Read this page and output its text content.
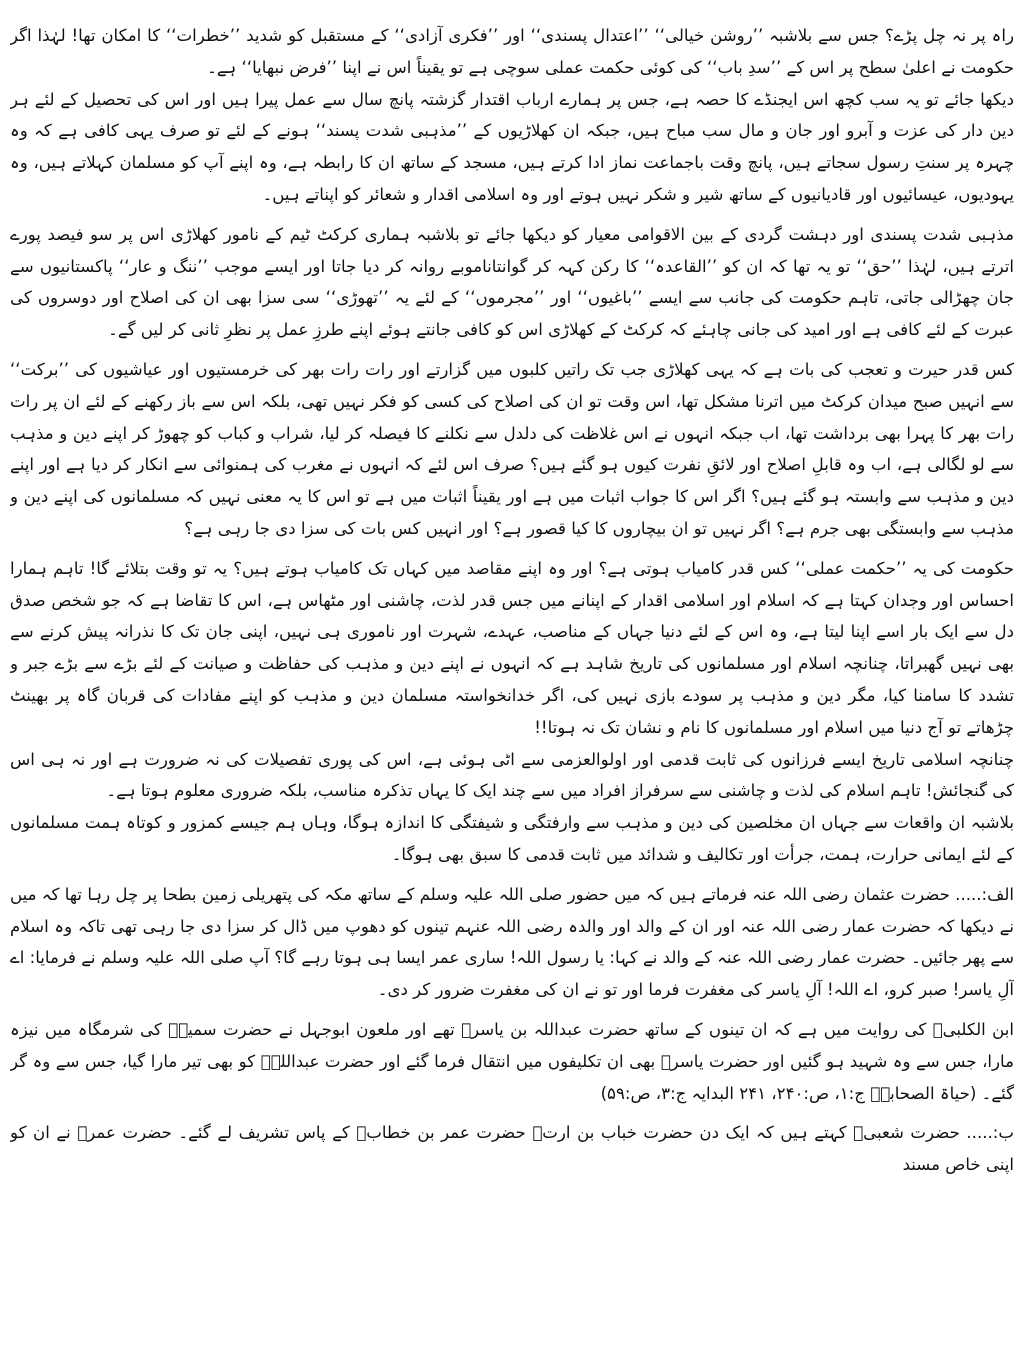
راہ پر نہ چل پڑے؟ جس سے بلاشبہ ’’روشن خیالی‘‘ ’’اعتدال پسندی‘‘ اور ’’فکری آزادی‘‘ کے مستقبل کو شدید ’’خطرات‘‘ کا امکان تھا! لہٰذا اگر حکومت نے اعلیٰ سطح پر اس کے ’’سدِ باب‘‘ کی کوئی حکمت عملی سوچی ہے تو یقیناً اس نے اپنا ’’فرض نبھایا‘‘ ہے۔

دیکھا جائے تو یہ سب کچھ اس ایجنڈے کا حصہ ہے، جس پر ہمارے ارباب اقتدار گزشتہ پانچ سال سے عمل پیرا ہیں اور اس کی تحصیل کے لئے ہر دین دار کی عزت و آبرو اور جان و مال سب مباح ہیں، جبکہ ان کھلاڑیوں کے ’’مذہبی شدت پسند‘‘ ہونے کے لئے تو صرف یہی کافی ہے کہ وہ چہرہ پر سنتِ رسول سجاتے ہیں، پانچ وقت باجماعت نماز ادا کرتے ہیں، مسجد کے ساتھ ان کا رابطہ ہے، وہ اپنے آپ کو مسلمان کہلاتے ہیں، وہ یہودیوں، عیسائیوں اور قادیانیوں کے ساتھ شیر و شکر نہیں ہوتے اور وہ اسلامی اقدار و شعائر کو اپناتے ہیں۔

مذہبی شدت پسندی اور دہشت گردی کے بین الاقوامی معیار کو دیکھا جائے تو بلاشبہ ہماری کرکٹ ٹیم کے نامور کھلاڑی اس پر سو فیصد پورے اترتے ہیں، لہٰذا ’’حق‘‘ تو یہ تھا کہ ان کو ’’القاعدہ‘‘ کا رکن کہہ کر گوانتاناموبے روانہ کر دیا جاتا اور ایسے موجب ’’ننگ و عار‘‘ پاکستانیوں سے جان چھڑالی جاتی، تاہم حکومت کی جانب سے ایسے ’’باغیوں‘‘ اور ’’مجرموں‘‘ کے لئے یہ ’’تھوڑی‘‘ سی سزا بھی ان کی اصلاح اور دوسروں کی عبرت کے لئے کافی ہے اور امید کی جانی چاہئے کہ کرکٹ کے کھلاڑی اس کو کافی جانتے ہوئے اپنے طرزِ عمل پر نظرِ ثانی کر لیں گے۔

کس قدر حیرت و تعجب کی بات ہے کہ یہی کھلاڑی جب تک راتیں کلبوں میں گزارتے اور رات رات بھر کی خرمستیوں اور عیاشیوں کی ’’برکت‘‘ سے انہیں صبح میدان کرکٹ میں اترنا مشکل تھا، اس وقت تو ان کی اصلاح کی کسی کو فکر نہیں تھی، بلکہ اس سے باز رکھنے کے لئے ان پر رات رات بھر کا پہرا بھی برداشت تھا، اب جبکہ انہوں نے اس غلاظت کی دلدل سے نکلنے کا فیصلہ کر لیا، شراب و کباب کو چھوڑ کر اپنے دین و مذہب سے لو لگالی ہے، اب وہ قابلِ اصلاح اور لائقِ نفرت کیوں ہو گئے ہیں؟ صرف اس لئے کہ انہوں نے مغرب کی ہمنوائی سے انکار کر دیا ہے اور اپنے دین و مذہب سے وابستہ ہو گئے ہیں؟ اگر اس کا جواب اثبات میں ہے اور یقیناً اثبات میں ہے تو اس کا یہ معنی نہیں کہ مسلمانوں کی اپنے دین و مذہب سے وابستگی بھی جرم ہے؟ اگر نہیں تو ان بیچاروں کا کیا قصور ہے؟ اور انہیں کس بات کی سزا دی جا رہی ہے؟

حکومت کی یہ ’’حکمت عملی‘‘ کس قدر کامیاب ہوتی ہے؟ اور وہ اپنے مقاصد میں کہاں تک کامیاب ہوتے ہیں؟ یہ تو وقت بتلائے گا! تاہم ہمارا احساس اور وجدان کہتا ہے کہ اسلام اور اسلامی اقدار کے اپنانے میں جس قدر لذت، چاشنی اور مٹھاس ہے، اس کا تقاضا ہے کہ جو شخص صدق دل سے ایک بار اسے اپنا لیتا ہے، وہ اس کے لئے دنیا جہاں کے مناصب، عہدے، شہرت اور ناموری ہی نہیں، اپنی جان تک کا نذرانہ پیش کرنے سے بھی نہیں گھبراتا، چنانچہ اسلام اور مسلمانوں کی تاریخ شاہد ہے کہ انہوں نے اپنے دین و مذہب کی حفاظت و صیانت کے لئے بڑے سے بڑے جبر و تشدد کا سامنا کیا، مگر دین و مذہب پر سودے بازی نہیں کی، اگر خدانخواستہ مسلمان دین و مذہب کو اپنے مفادات کی قربان گاہ پر بھینٹ چڑھاتے تو آج دنیا میں اسلام اور مسلمانوں کا نام و نشان تک نہ ہوتا!!

چنانچہ اسلامی تاریخ ایسے فرزانوں کی ثابت قدمی اور اولوالعزمی سے اٹی ہوئی ہے، اس کی پوری تفصیلات کی نہ ضرورت ہے اور نہ ہی اس کی گنجائش! تاہم اسلام کی لذت و چاشنی سے سرفراز افراد میں سے چند ایک کا یہاں تذکرہ مناسب، بلکہ ضروری معلوم ہوتا ہے۔

بلاشبہ ان واقعات سے جہاں ان مخلصین کی دین و مذہب سے وارفتگی و شیفتگی کا اندازہ ہوگا، وہاں ہم جیسے کمزور و کوتاہ ہمت مسلمانوں کے لئے ایمانی حرارت، ہمت، جرأت اور تکالیف و شدائد میں ثابت قدمی کا سبق بھی ہوگا۔

الف:..... حضرت عثمان رضی اللہ عنہ فرماتے ہیں کہ میں حضور صلی اللہ علیہ وسلم کے ساتھ مکہ کی پتھریلی زمین بطحا پر چل رہا تھا کہ میں نے دیکھا کہ حضرت عمار رضی اللہ عنہ اور ان کے والد اور والدہ رضی اللہ عنہم تینوں کو دھوپ میں ڈال کر سزا دی جا رہی تھی تاکہ وہ اسلام سے پھر جائیں۔ حضرت عمار رضی اللہ عنہ کے والد نے کہا: یا رسول اللہ! ساری عمر ایسا ہی ہوتا رہے گا؟ آپ صلی اللہ علیہ وسلم نے فرمایا: اے آلِ یاسر! صبر کرو، اے اللہ! آلِ یاسر کی مغفرت فرما اور تو نے ان کی مغفرت ضرور کر دی۔

ابن الکلبیؒ کی روایت میں ہے کہ ان تینوں کے ساتھ حضرت عبداللہ بن یاسرؓ تھے اور ملعون ابوجہل نے حضرت سمیہؓ کی شرمگاہ میں نیزہ مارا، جس سے وہ شہید ہو گئیں اور حضرت یاسرؓ بھی ان تکلیفوں میں انتقال فرما گئے اور حضرت عبداللہؓ کو بھی تیر مارا گیا، جس سے وہ گر گئے۔ (حیاۃ الصحابہؓ ج:۱، ص:۲۴۰، ۲۴۱ البدایہ ج:۳، ص:۵۹)

ب:..... حضرت شعبیؒ کہتے ہیں کہ ایک دن حضرت خباب بن ارتؓ حضرت عمر بن خطابؓ کے پاس تشریف لے گئے۔ حضرت عمرؓ نے ان کو اپنی خاص مسند
